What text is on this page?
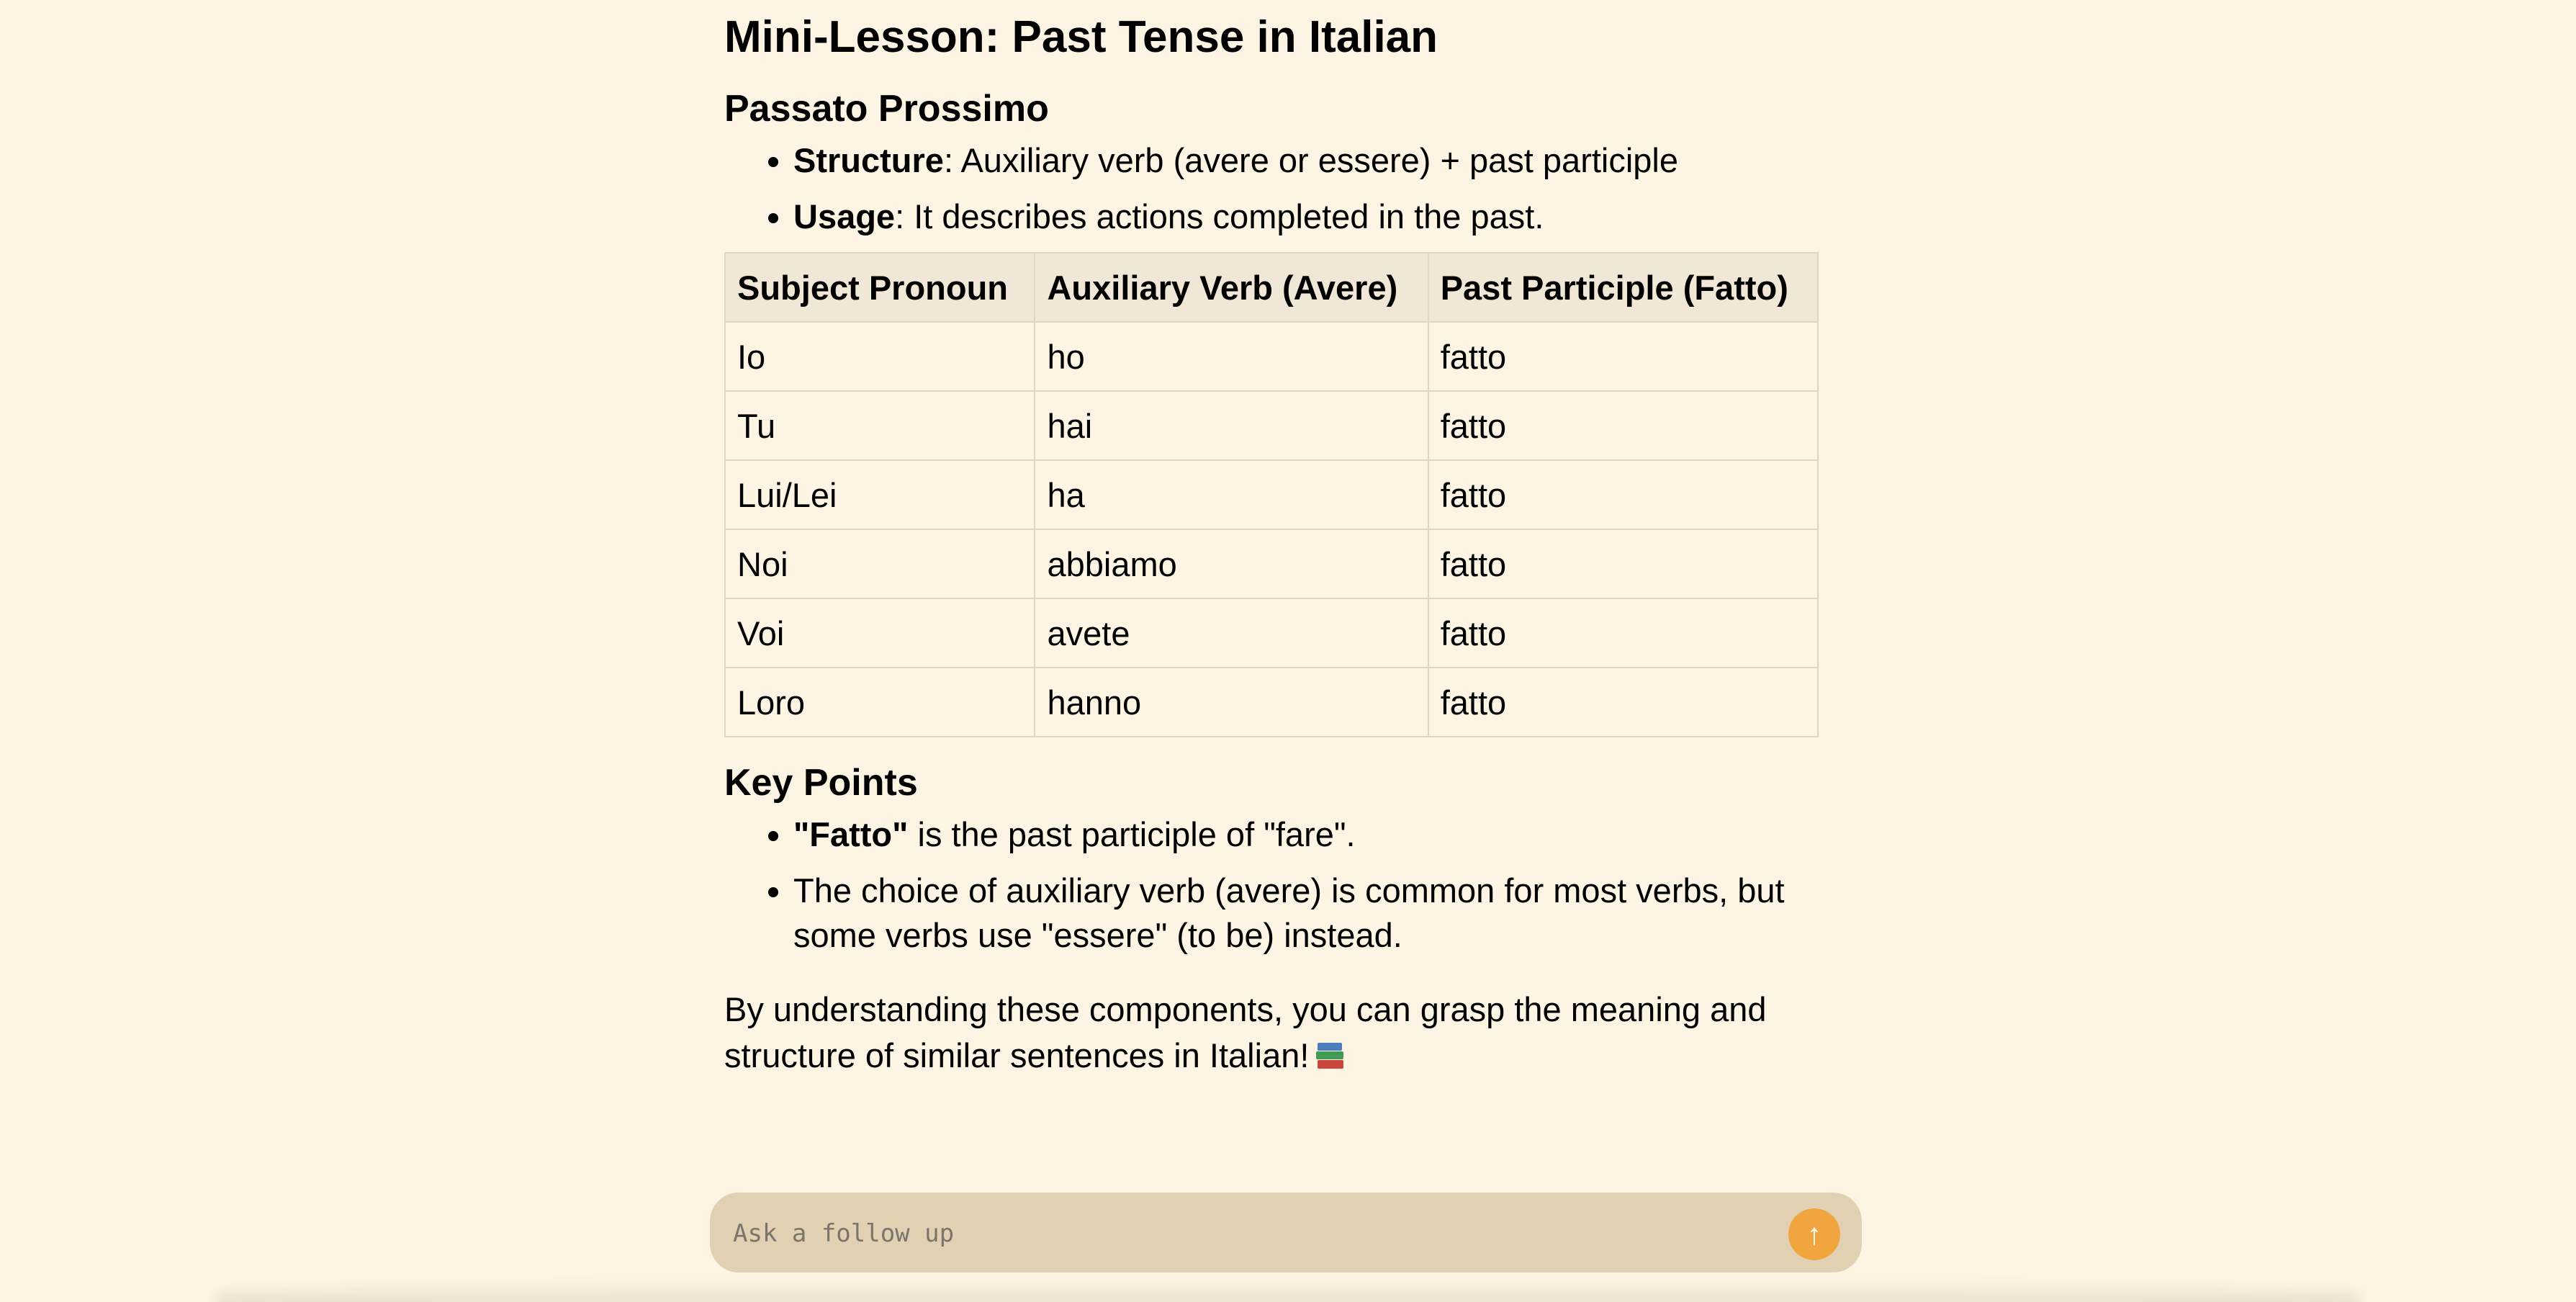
Mini-Lesson: Past Tense in Italian
Passato Prossimo
• Structure: Auxiliary verb (avere or essere) + past participle
• Usage: It describes actions completed in the past.
Subject Pronoun	Auxiliary Verb (Avere)	Past Participle (Fatto)
Io	ho	fatto
Tu	hai	fatto
Lui/Lei	ha	fatto
Noi	abbiamo	fatto
Voi	avete	fatto
Loro	hanno	fatto
Key Points
• "Fatto" is the past participle of "fare".
• The choice of auxiliary verb (avere) is common for most verbs, but some verbs use "essere" (to be) instead.

By understanding these components, you can grasp the meaning and structure of similar sentences in Italian!

Ask a follow up
↑
